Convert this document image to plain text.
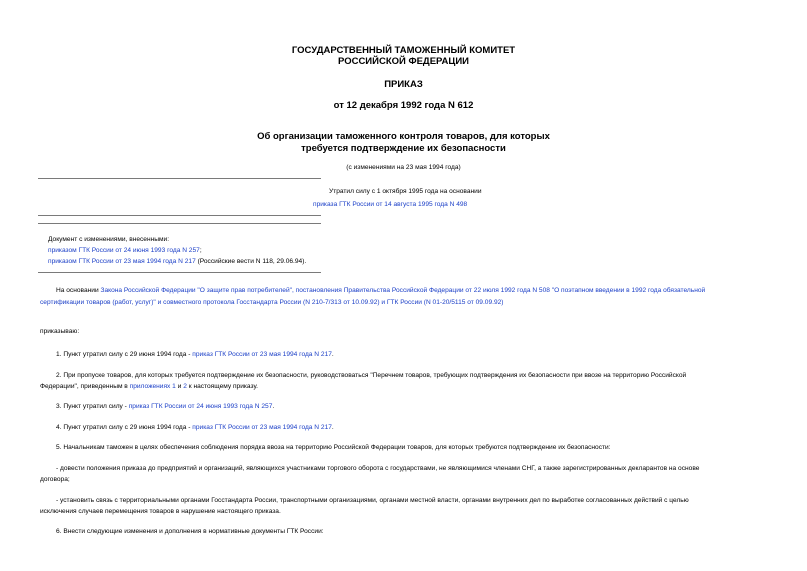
ГОСУДАРСТВЕННЫЙ ТАМОЖЕННЫЙ КОМИТЕТ
РОССИЙСКОЙ ФЕДЕРАЦИИ
ПРИКАЗ
от 12 декабря 1992 года N 612
Об организации таможенного контроля товаров, для которых
требуется подтверждение их безопасности
(с изменениями на 23 мая 1994 года)
Утратил силу с 1 октября 1995 года на основании
приказа ГТК России от 14 августа 1995 года N 498
Документ с изменениями, внесенными:
приказом ГТК России от 24 июня 1993 года N 257;
приказом ГТК России от 23 мая 1994 года N 217 (Российские вести N 118, 29.06.94).
На основании Закона Российской Федерации "О защите прав потребителей", постановления Правительства Российской Федерации от 22 июля 1992 года N 508 "О поэтапном введении в 1992 года обязательной
сертификации товаров (работ, услуг)" и совместного протокола Госстандарта России (N 210-7/313 от 10.09.92) и ГТК России (N 01-20/5115 от 09.09.92)
приказываю:
1. Пункт утратил силу с 29 июня 1994 года - приказ ГТК России от 23 мая 1994 года N 217.
2. При пропуске товаров, для которых требуется подтверждение их безопасности, руководствоваться "Перечнем товаров, требующих подтверждения их безопасности при ввозе на территорию Российской
Федерации", приведенным в приложениях 1 и 2 к настоящему приказу.
3. Пункт утратил силу - приказ ГТК России от 24 июня 1993 года N 257.
4. Пункт утратил силу с 29 июня 1994 года - приказ ГТК России от 23 мая 1994 года N 217.
5. Начальникам таможен в целях обеспечения соблюдения порядка ввоза на территорию Российской Федерации товаров, для которых требуются подтверждение их безопасности:
- довести положения приказа до предприятий и организаций, являющихся участниками торгового оборота с государствами, не являющимися членами СНГ, а также зарегистрированных декларантов на основе
договора;
- установить связь с территориальными органами Госстандарта России, транспортными организациями, органами местной власти, органами внутренних дел по выработке согласованных действий с целью
исключения случаев перемещения товаров в нарушение настоящего приказа.
6. Внести следующие изменения и дополнения в нормативные документы ГТК России:
